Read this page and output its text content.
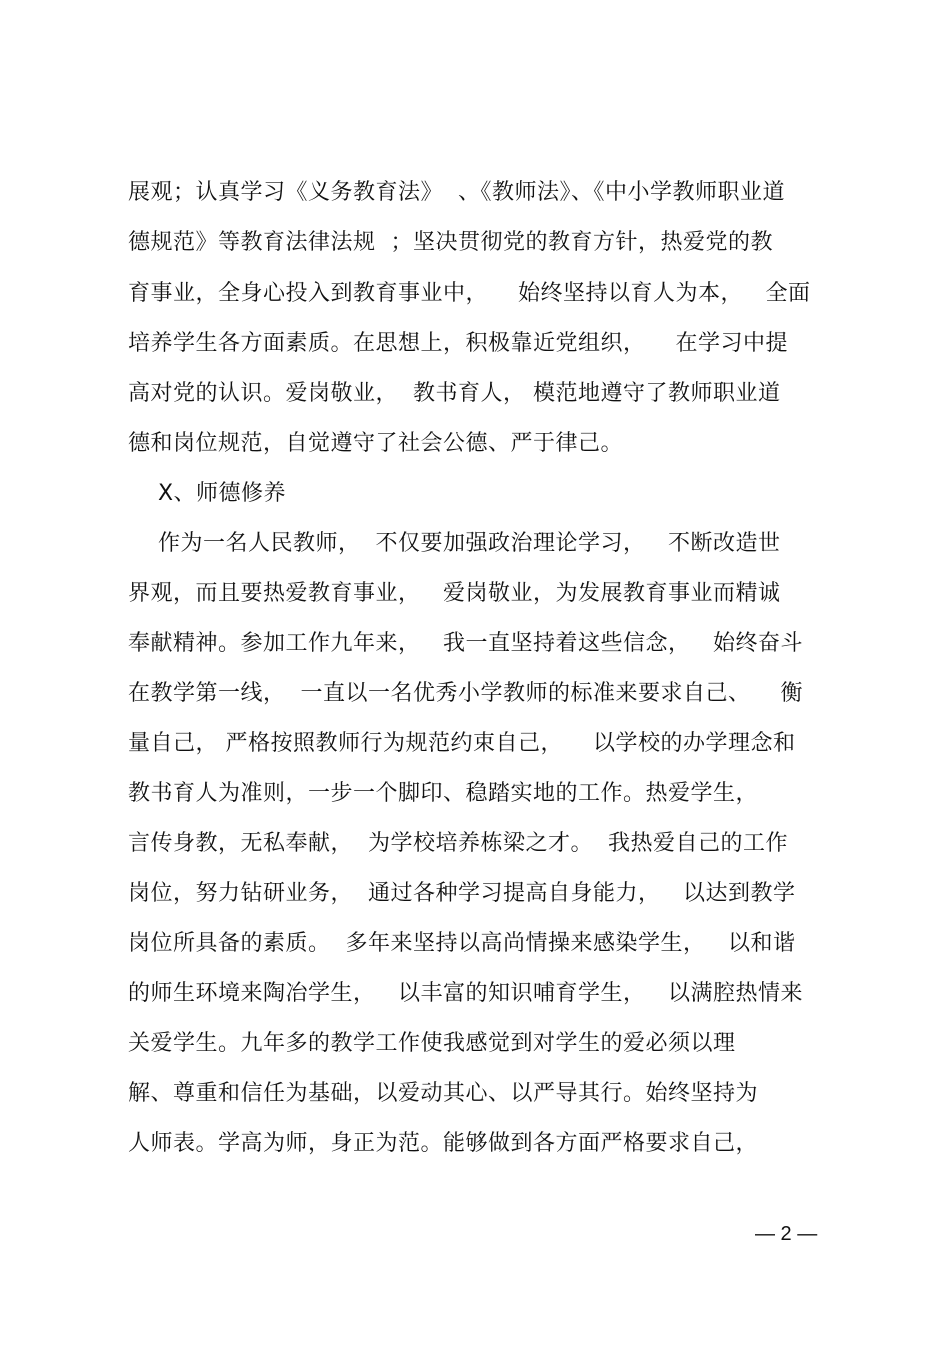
展观；认真学习《义务教育法》  、《教师法》、《中小学教师职业道
德规范》等教育法律法规  ；坚决贯彻党的教育方针，热爱党的教
育事业，全身心投入到教育事业中，    始终坚持以育人为本，   全面
培养学生各方面素质。在思想上，积极靠近党组织，    在学习中提
高对党的认识。爱岗敬业，  教书育人， 模范地遵守了教师职业道
德和岗位规范，自觉遵守了社会公德、严于律己。
X、师德修养
作为一名人民教师，  不仅要加强政治理论学习，   不断改造世
界观，而且要热爱教育事业，   爱岗敬业，为发展教育事业而精诚
奉献精神。参加工作九年来，   我一直坚持着这些信念，   始终奋斗
在教学第一线，  一直以一名优秀小学教师的标准来要求自己、    衡
量自己， 严格按照教师行为规范约束自己，    以学校的办学理念和
教书育人为准则，一步一个脚印、稳踏实地的工作。热爱学生，
言传身教，无私奉献，  为学校培养栋梁之才。  我热爱自己的工作
岗位，努力钻研业务，  通过各种学习提高自身能力，   以达到教学
岗位所具备的素质。  多年来坚持以高尚情操来感染学生，   以和谐
的师生环境来陶冶学生，   以丰富的知识哺育学生，   以满腔热情来
关爱学生。九年多的教学工作使我感觉到对学生的爱必须以理
解、尊重和信任为基础，以爱动其心、以严导其行。始终坚持为
人师表。学高为师，身正为范。能够做到各方面严格要求自己，
— 2 —
